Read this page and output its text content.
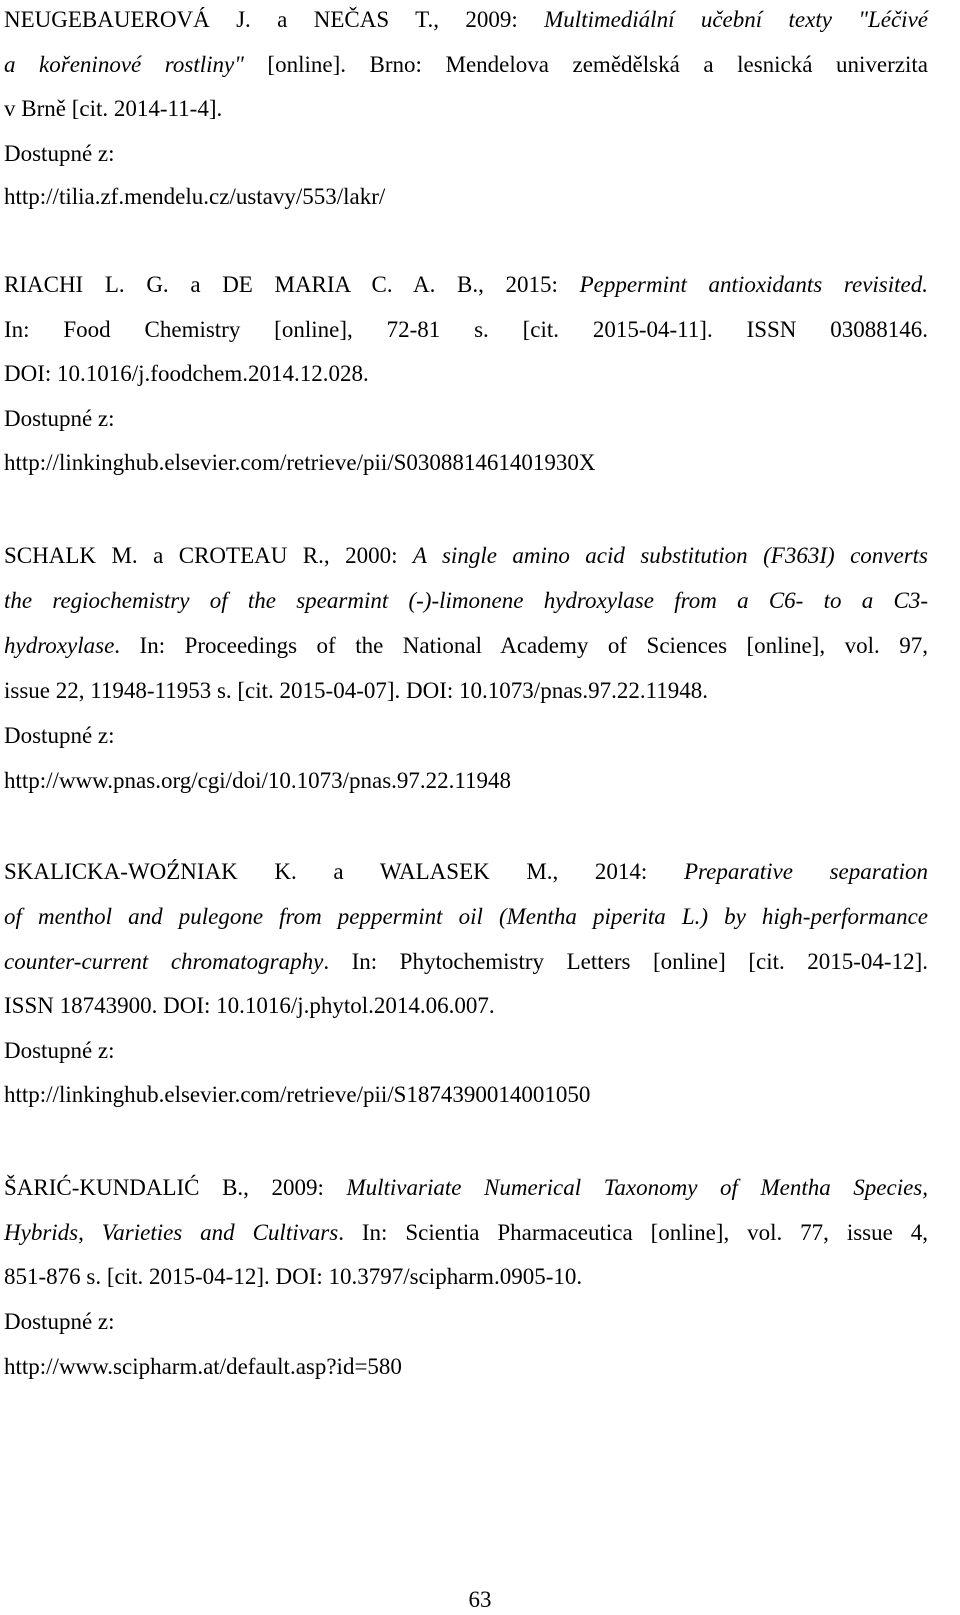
NEUGEBAUEROVÁ J. a NEČAS T., 2009: Multimediální učební texty "Léčivé
a kořeninové rostliny" [online]. Brno: Mendelova zemědělská a lesnická univerzita
v Brně [cit. 2014-11-4].
Dostupné z:
http://tilia.zf.mendelu.cz/ustavy/553/lakr/
RIACHI L. G. a DE MARIA C. A. B., 2015: Peppermint antioxidants revisited.
In: Food Chemistry [online], 72-81 s. [cit. 2015-04-11]. ISSN 03088146.
DOI: 10.1016/j.foodchem.2014.12.028.
Dostupné z:
http://linkinghub.elsevier.com/retrieve/pii/S030881461401930X
SCHALK M. a CROTEAU R., 2000: A single amino acid substitution (F363I) converts
the regiochemistry of the spearmint (-)-limonene hydroxylase from a C6- to a C3-
hydroxylase. In: Proceedings of the National Academy of Sciences [online], vol. 97,
issue 22, 11948-11953 s. [cit. 2015-04-07]. DOI: 10.1073/pnas.97.22.11948.
Dostupné z:
http://www.pnas.org/cgi/doi/10.1073/pnas.97.22.11948
SKALICKA-WOŹNIAK K. a WALASEK M., 2014: Preparative separation
of menthol and pulegone from peppermint oil (Mentha piperita L.) by high-performance
counter-current chromatography. In: Phytochemistry Letters [online] [cit. 2015-04-12].
ISSN 18743900. DOI: 10.1016/j.phytol.2014.06.007.
Dostupné z:
http://linkinghub.elsevier.com/retrieve/pii/S1874390014001050
ŠARIĆ-KUNDALIĆ B., 2009: Multivariate Numerical Taxonomy of Mentha Species,
Hybrids, Varieties and Cultivars. In: Scientia Pharmaceutica [online], vol. 77, issue 4,
851-876 s. [cit. 2015-04-12]. DOI: 10.3797/scipharm.0905-10.
Dostupné z:
http://www.scipharm.at/default.asp?id=580
63
